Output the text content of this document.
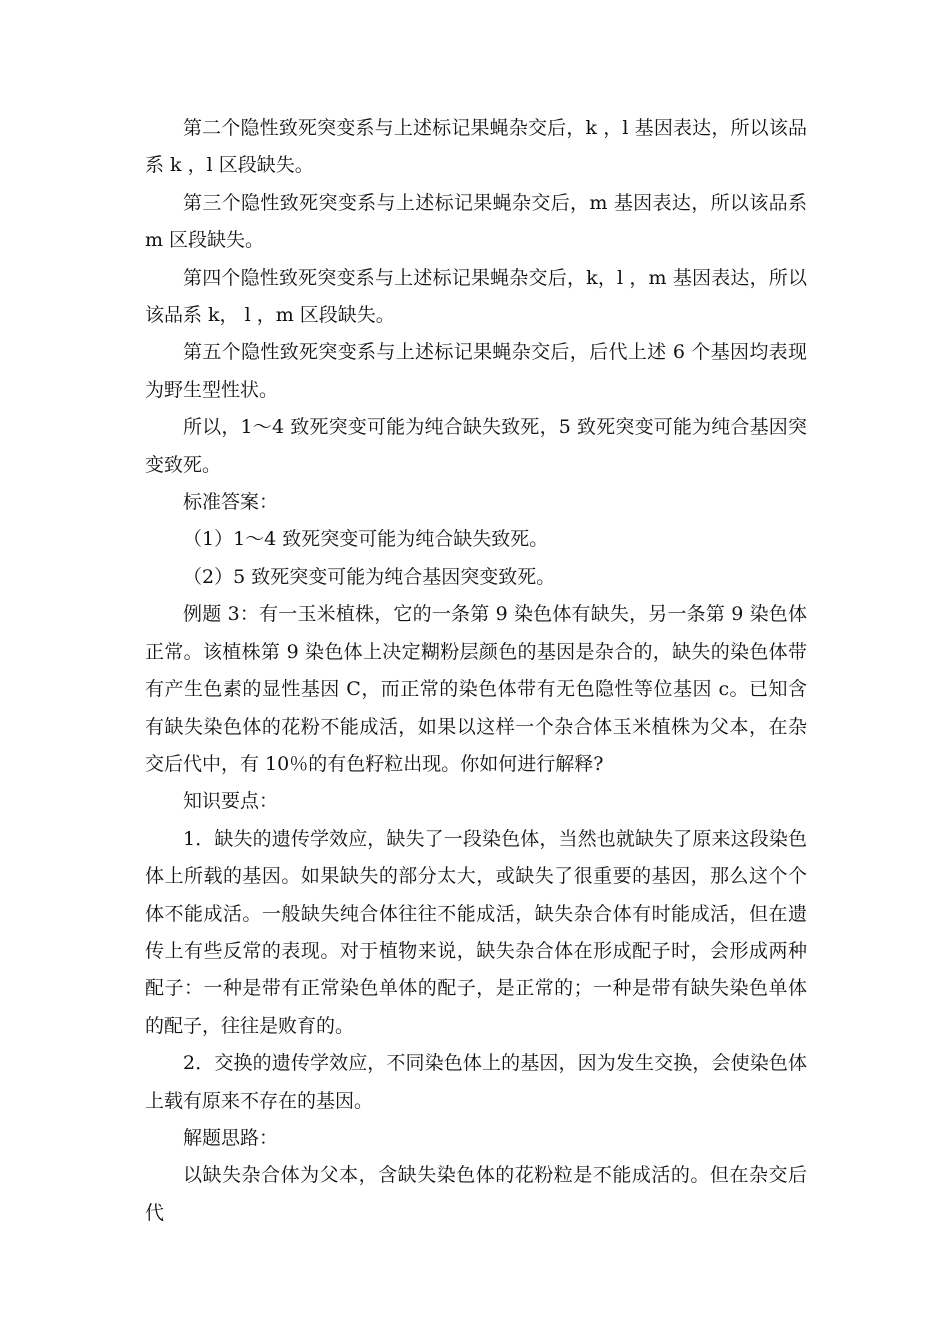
第二个隐性致死突变系与上述标记果蝇杂交后，k ，l 基因表达，所以该品系 k ，l 区段缺失。

第三个隐性致死突变系与上述标记果蝇杂交后，m 基因表达，所以该品系 m 区段缺失。

第四个隐性致死突变系与上述标记果蝇杂交后，k，l ，m 基因表达，所以该品系 k， l ，m 区段缺失。

第五个隐性致死突变系与上述标记果蝇杂交后，后代上述 6 个基因均表现为野生型性状。

所以，1～4 致死突变可能为纯合缺失致死，5 致死突变可能为纯合基因突变致死。

标准答案：

（1）1～4 致死突变可能为纯合缺失致死。

（2）5 致死突变可能为纯合基因突变致死。

例题 3：有一玉米植株，它的一条第 9 染色体有缺失，另一条第 9 染色体正常。该植株第 9 染色体上决定糊粉层颜色的基因是杂合的，缺失的染色体带有产生色素的显性基因 C，而正常的染色体带有无色隐性等位基因 c。已知含有缺失染色体的花粉不能成活，如果以这样一个杂合体玉米植株为父本，在杂交后代中，有 10％的有色籽粒出现。你如何进行解释?

知识要点：

1．缺失的遗传学效应，缺失了一段染色体，当然也就缺失了原来这段染色体上所载的基因。如果缺失的部分太大，或缺失了很重要的基因，那么这个个体不能成活。一般缺失纯合体往往不能成活，缺失杂合体有时能成活，但在遗传上有些反常的表现。对于植物来说，缺失杂合体在形成配子时，会形成两种配子：一种是带有正常染色单体的配子，是正常的；一种是带有缺失染色单体的配子，往往是败育的。

2．交换的遗传学效应，不同染色体上的基因，因为发生交换，会使染色体上载有原来不存在的基因。

解题思路：

以缺失杂合体为父本，含缺失染色体的花粉粒是不能成活的。但在杂交后代
